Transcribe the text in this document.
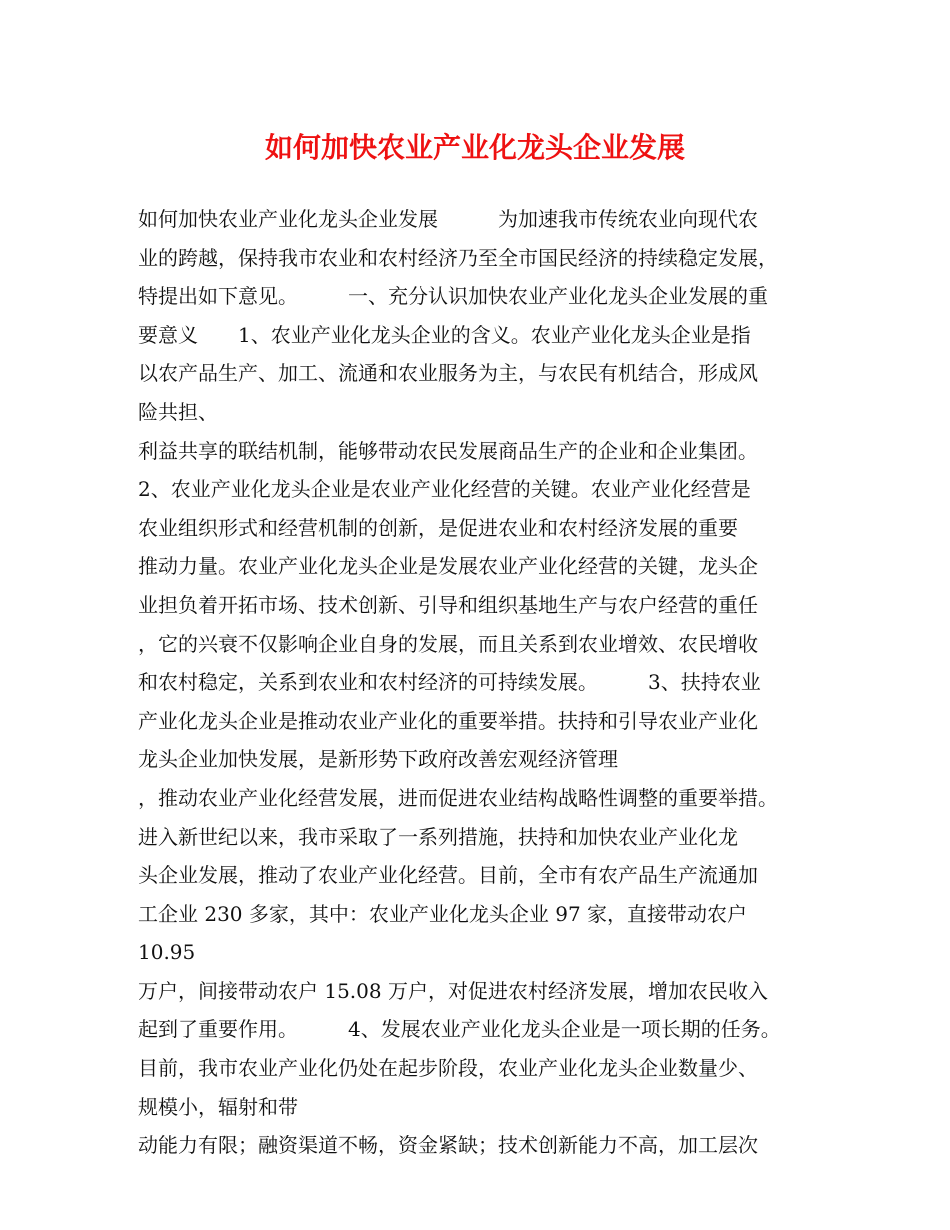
如何加快农业产业化龙头企业发展
如何加快农业产业化龙头企业发展　　　为加速我市传统农业向现代农
业的跨越，保持我市农业和农村经济乃至全市国民经济的持续稳定发展，
特提出如下意见。　　　一、充分认识加快农业产业化龙头企业发展的重
要意义　　1、农业产业化龙头企业的含义。农业产业化龙头企业是指
以农产品生产、加工、流通和农业服务为主，与农民有机结合，形成风
险共担、
利益共享的联结机制，能够带动农民发展商品生产的企业和企业集团。
2、农业产业化龙头企业是农业产业化经营的关键。农业产业化经营是
农业组织形式和经营机制的创新，是促进农业和农村经济发展的重要
推动力量。农业产业化龙头企业是发展农业产业化经营的关键，龙头企
业担负着开拓市场、技术创新、引导和组织基地生产与农户经营的重任
，它的兴衰不仅影响企业自身的发展，而且关系到农业增效、农民增收
和农村稳定，关系到农业和农村经济的可持续发展。　　　3、扶持农业
产业化龙头企业是推动农业产业化的重要举措。扶持和引导农业产业化
龙头企业加快发展，是新形势下政府改善宏观经济管理
，推动农业产业化经营发展，进而促进农业结构战略性调整的重要举措。
进入新世纪以来，我市采取了一系列措施，扶持和加快农业产业化龙
头企业发展，推动了农业产业化经营。目前，全市有农产品生产流通加
工企业 230 多家，其中：农业产业化龙头企业 97 家，直接带动农户
10.95
万户，间接带动农户 15.08 万户，对促进农村经济发展，增加农民收入
起到了重要作用。　　　4、发展农业产业化龙头企业是一项长期的任务。
目前，我市农业产业化仍处在起步阶段，农业产业化龙头企业数量少、
规模小，辐射和带
动能力有限；融资渠道不畅，资金紧缺；技术创新能力不高，加工层次
